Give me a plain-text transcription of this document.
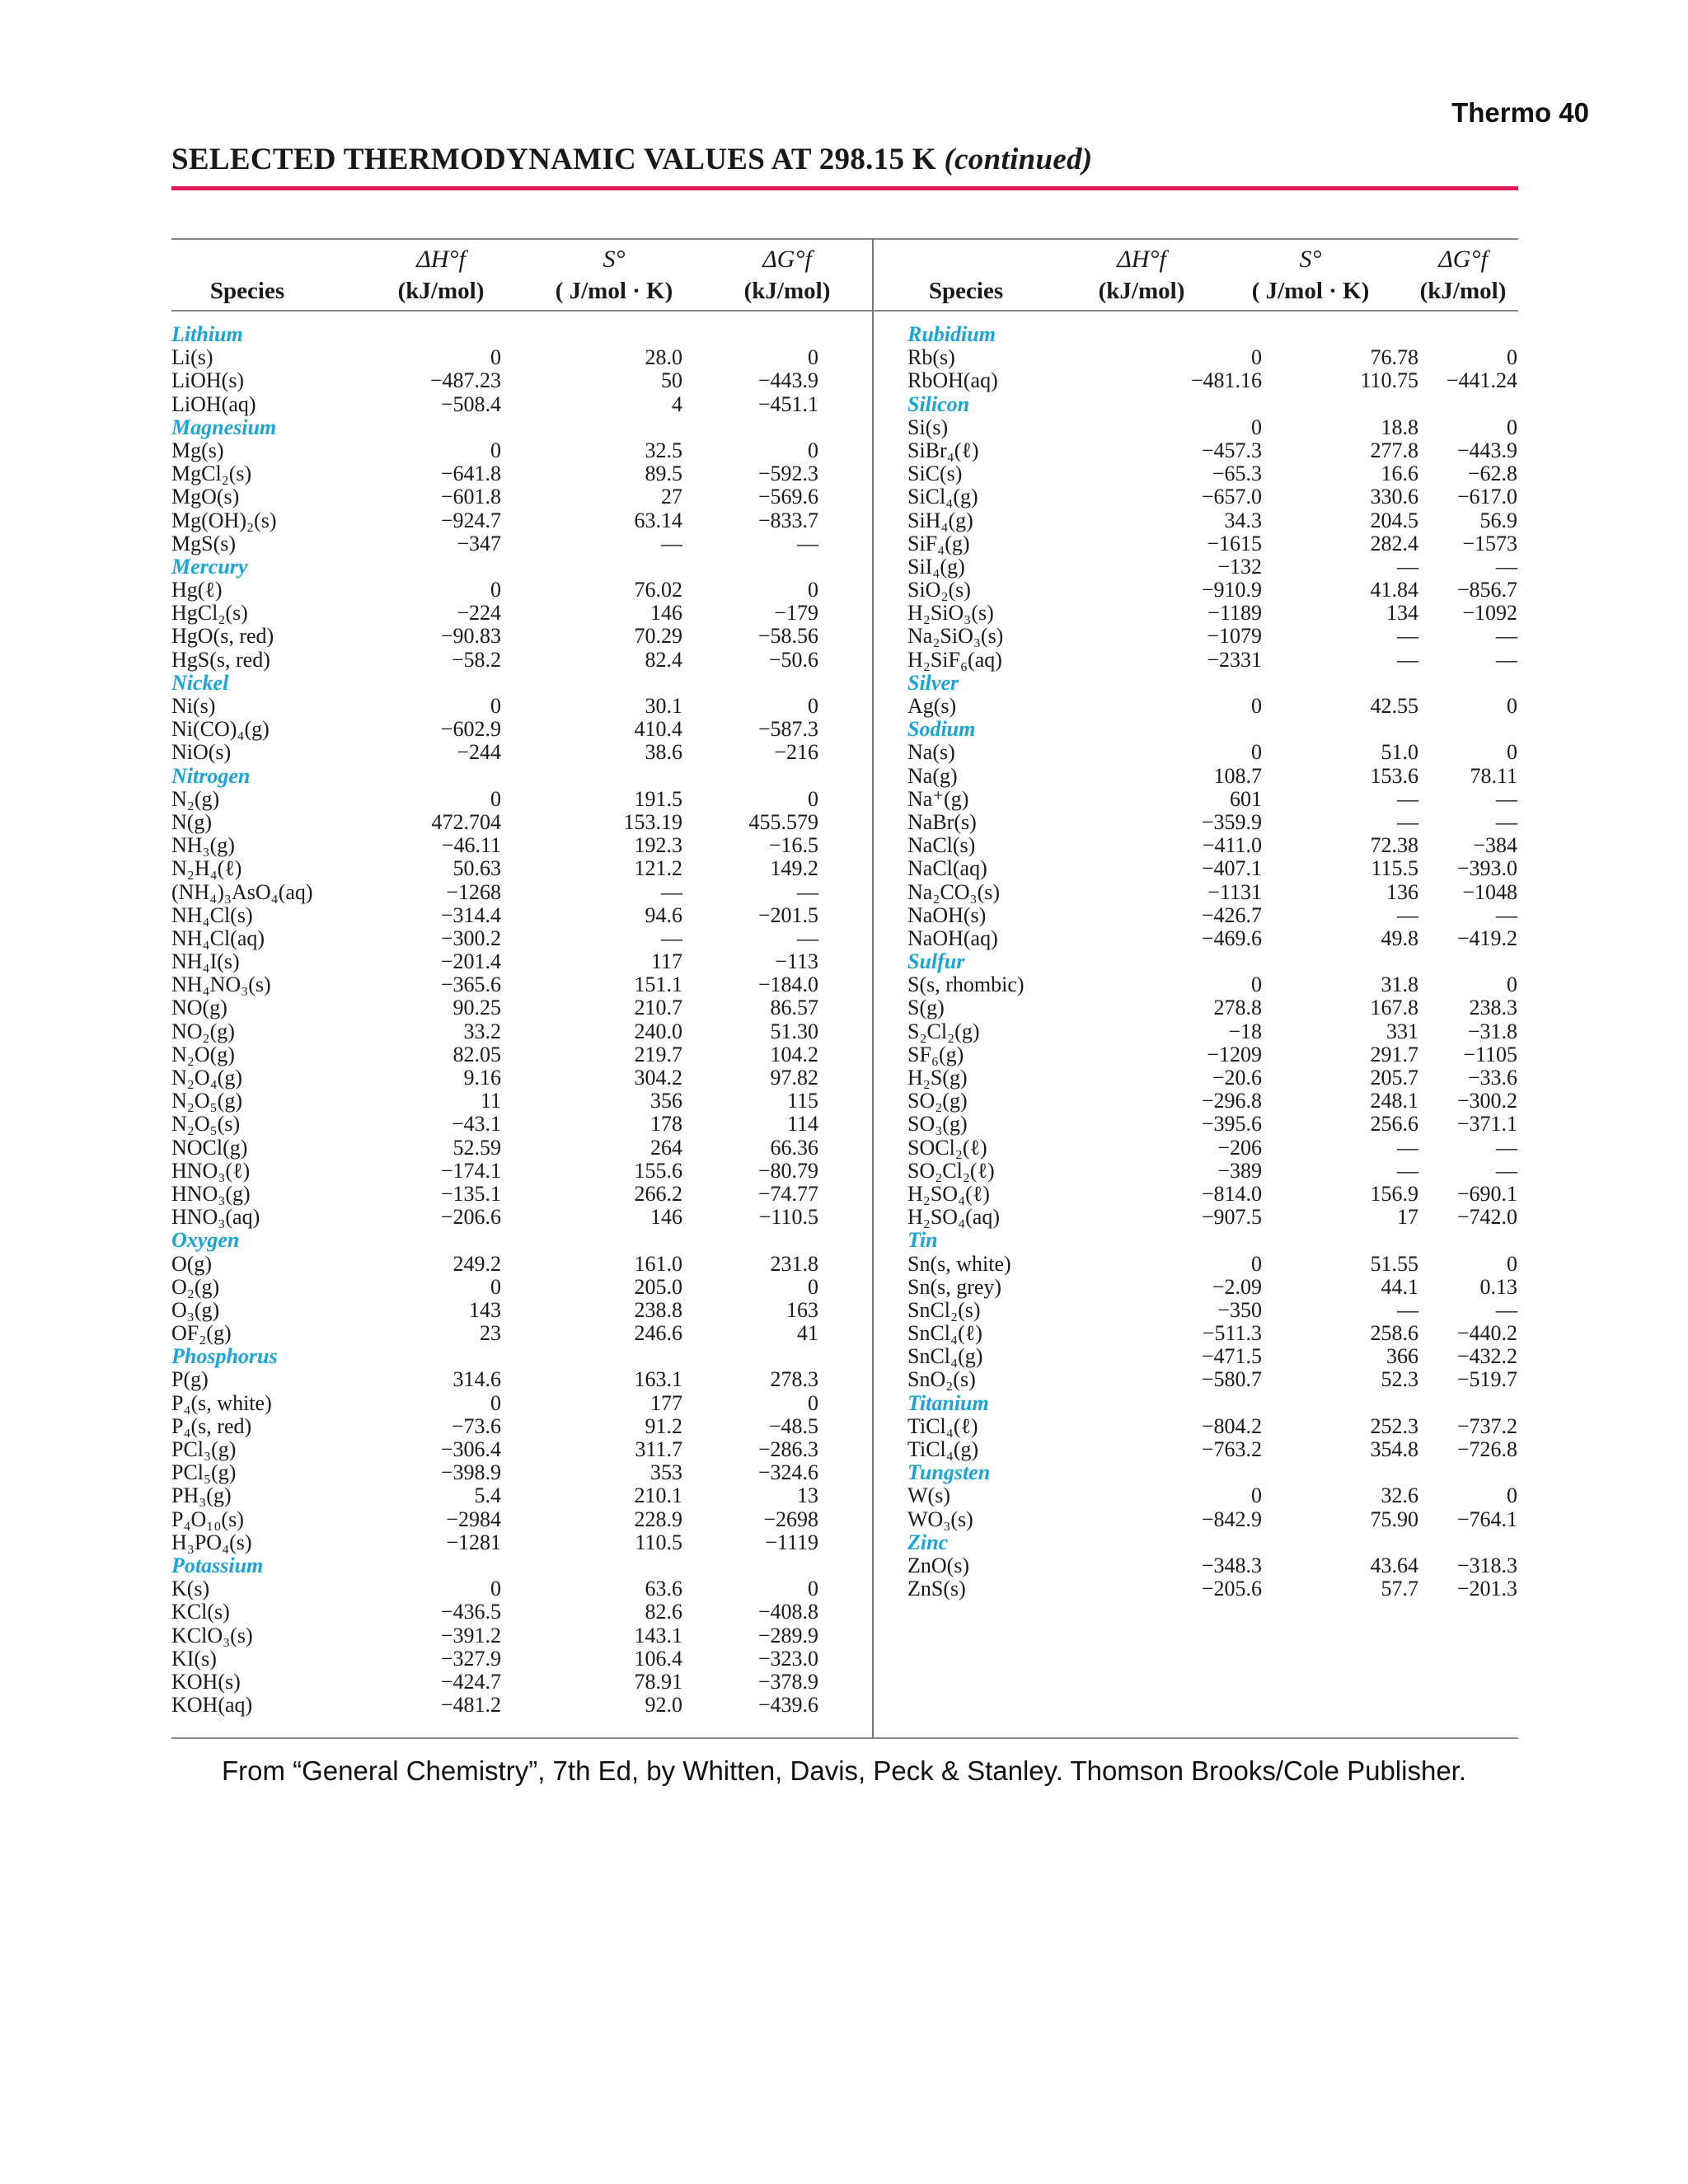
Thermo 40
SELECTED THERMODYNAMIC VALUES AT 298.15 K (continued)
Species
ΔH°f
(kJ/mol)
S°
( J/mol · K)
ΔG°f
(kJ/mol)	Species
ΔH°f
(kJ/mol)
S°
( J/mol · K)
ΔG°f
(kJ/mol)
Lithium
Li(s)	0	28.0	0
LiOH(s)	−487.23	50	−443.9
LiOH(aq)	−508.4	4	−451.1
Magnesium
Mg(s)	0	32.5	0
MgCl₂(s)	−641.8	89.5	−592.3
MgO(s)	−601.8	27	−569.6
Mg(OH)₂(s)	−924.7	63.14	−833.7
MgS(s)	−347	—	—
Mercury
Hg(ℓ)	0	76.02	0
HgCl₂(s)	−224	146	−179
HgO(s, red)	−90.83	70.29	−58.56
HgS(s, red)	−58.2	82.4	−50.6
Nickel
Ni(s)	0	30.1	0
Ni(CO)₄(g)	−602.9	410.4	−587.3
NiO(s)	−244	38.6	−216
Nitrogen
N₂(g)	0	191.5	0
N(g)	472.704	153.19	455.579
NH₃(g)	−46.11	192.3	−16.5
N₂H₄(ℓ)	50.63	121.2	149.2
(NH₄)₃AsO₄(aq)	−1268	—	—
NH₄Cl(s)	−314.4	94.6	−201.5
NH₄Cl(aq)	−300.2	—	—
NH₄I(s)	−201.4	117	−113
NH₄NO₃(s)	−365.6	151.1	−184.0
NO(g)	90.25	210.7	86.57
NO₂(g)	33.2	240.0	51.30
N₂O(g)	82.05	219.7	104.2
N₂O₄(g)	9.16	304.2	97.82
N₂O₅(g)	11	356	115
N₂O₅(s)	−43.1	178	114
NOCl(g)	52.59	264	66.36
HNO₃(ℓ)	−174.1	155.6	−80.79
HNO₃(g)	−135.1	266.2	−74.77
HNO₃(aq)	−206.6	146	−110.5
Oxygen
O(g)	249.2	161.0	231.8
O₂(g)	0	205.0	0
O₃(g)	143	238.8	163
OF₂(g)	23	246.6	41
Phosphorus
P(g)	314.6	163.1	278.3
P₄(s, white)	0	177	0
P₄(s, red)	−73.6	91.2	−48.5
PCl₃(g)	−306.4	311.7	−286.3
PCl₅(g)	−398.9	353	−324.6
PH₃(g)	5.4	210.1	13
P₄O₁₀(s)	−2984	228.9	−2698
H₃PO₄(s)	−1281	110.5	−1119
Potassium
K(s)	0	63.6	0
KCl(s)	−436.5	82.6	−408.8
KClO₃(s)	−391.2	143.1	−289.9
KI(s)	−327.9	106.4	−323.0
KOH(s)	−424.7	78.91	−378.9
KOH(aq)	−481.2	92.0	−439.6
Rubidium
Rb(s)	0	76.78	0
RbOH(aq)	−481.16	110.75 −441.24
Silicon
Si(s)	0	18.8	0
SiBr₄(ℓ)	−457.3	277.8 −443.9
SiC(s)	−65.3	16.6 −62.8
SiCl₄(g)	−657.0	330.6 −617.0
SiH₄(g)	34.3	204.5	56.9
SiF₄(g)	−1615	282.4 −1573
SiI₄(g)	−132	—	—
SiO₂(s)	−910.9	41.84 −856.7
H₂SiO₃(s)	−1189	134 −1092
Na₂SiO₃(s)	−1079	—	—
H₂SiF₆(aq)	−2331	—	—
Silver
Ag(s)	0	42.55	0
Sodium
Na(s)	0	51.0	0
Na(g)	108.7	153.6 78.11
Na⁺(g)	601	—	—
NaBr(s)	−359.9	—	—
NaCl(s)	−411.0	72.38	−384
NaCl(aq)	−407.1	115.5 −393.0
Na₂CO₃(s)	−1131	136 −1048
NaOH(s)	−426.7	—	—
NaOH(aq)	−469.6	49.8 −419.2
Sulfur
S(s, rhombic)	0	31.8	0
S(g)	278.8	167.8 238.3
S₂Cl₂(g)	−18	331 −31.8
SF₆(g)	−1209	291.7 −1105
H₂S(g)	−20.6	205.7 −33.6
SO₂(g)	−296.8	248.1 −300.2
SO₃(g)	−395.6	256.6 −371.1
SOCl₂(ℓ)	−206	—	—
SO₂Cl₂(ℓ)	−389	—	—
H₂SO₄(ℓ)	−814.0	156.9 −690.1
H₂SO₄(aq)	−907.5	17 −742.0
Tin
Sn(s, white)	0	51.55	0
Sn(s, grey)	−2.09	44.1	0.13
SnCl₂(s)	−350	—	—
SnCl₄(ℓ)	−511.3	258.6 −440.2
SnCl₄(g)	−471.5	366 −432.2
SnO₂(s)	−580.7	52.3 −519.7
Titanium
TiCl₄(ℓ)	−804.2	252.3 −737.2
TiCl₄(g)	−763.2	354.8 −726.8
Tungsten
W(s)	0	32.6	0
WO₃(s)	−842.9	75.90 −764.1
Zinc
ZnO(s)	−348.3	43.64 −318.3
ZnS(s)	−205.6	57.7 −201.3
From “General Chemistry”, 7th Ed, by Whitten, Davis, Peck & Stanley. Thomson Brooks/Cole Publisher.
